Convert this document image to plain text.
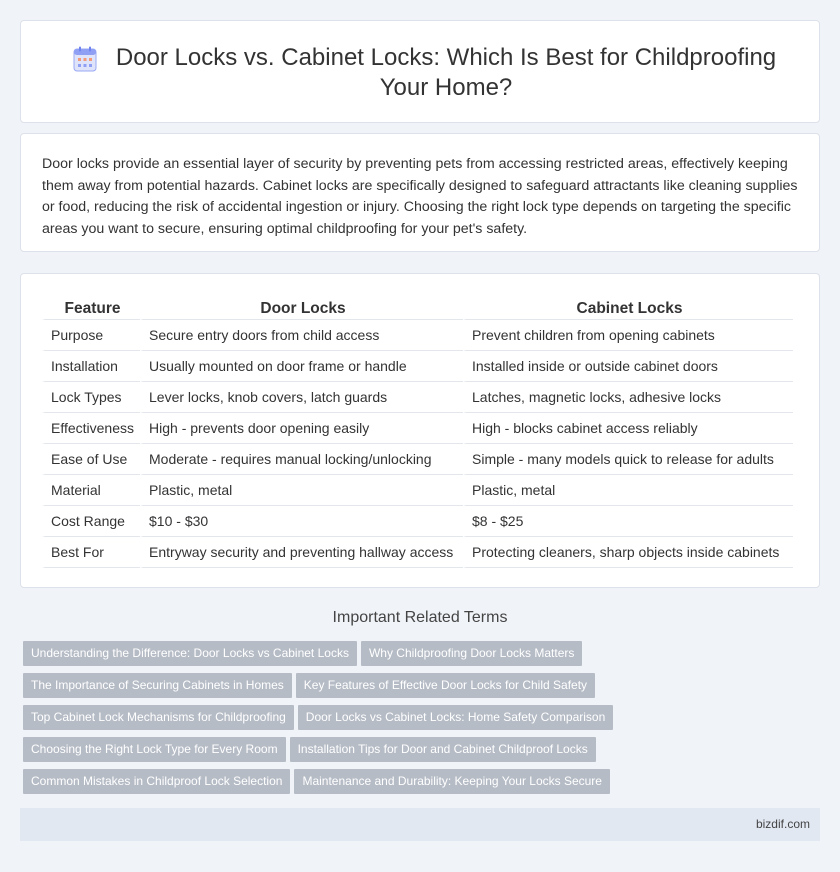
Door Locks vs. Cabinet Locks: Which Is Best for Childproofing Your Home?

Door locks provide an essential layer of security by preventing pets from accessing restricted areas, effectively keeping them away from potential hazards. Cabinet locks are specifically designed to safeguard attractants like cleaning supplies or food, reducing the risk of accidental ingestion or injury. Choosing the right lock type depends on targeting the specific areas you want to secure, ensuring optimal childproofing for your pet's safety.

Feature	Door Locks	Cabinet Locks
Purpose	Secure entry doors from child access	Prevent children from opening cabinets
Installation	Usually mounted on door frame or handle	Installed inside or outside cabinet doors
Lock Types	Lever locks, knob covers, latch guards	Latches, magnetic locks, adhesive locks
Effectiveness	High - prevents door opening easily	High - blocks cabinet access reliably
Ease of Use	Moderate - requires manual locking/unlocking	Simple - many models quick to release for adults
Material	Plastic, metal	Plastic, metal
Cost Range	$10 - $30	$8 - $25
Best For	Entryway security and preventing hallway access	Protecting cleaners, sharp objects inside cabinets
Important Related Terms
Understanding the Difference: Door Locks vs Cabinet Locks Why Childproofing Door Locks Matters
The Importance of Securing Cabinets in Homes Key Features of Effective Door Locks for Child Safety
Top Cabinet Lock Mechanisms for Childproofing Door Locks vs Cabinet Locks: Home Safety Comparison
Choosing the Right Lock Type for Every Room Installation Tips for Door and Cabinet Childproof Locks
Common Mistakes in Childproof Lock Selection Maintenance and Durability: Keeping Your Locks Secure
bizdif.com
